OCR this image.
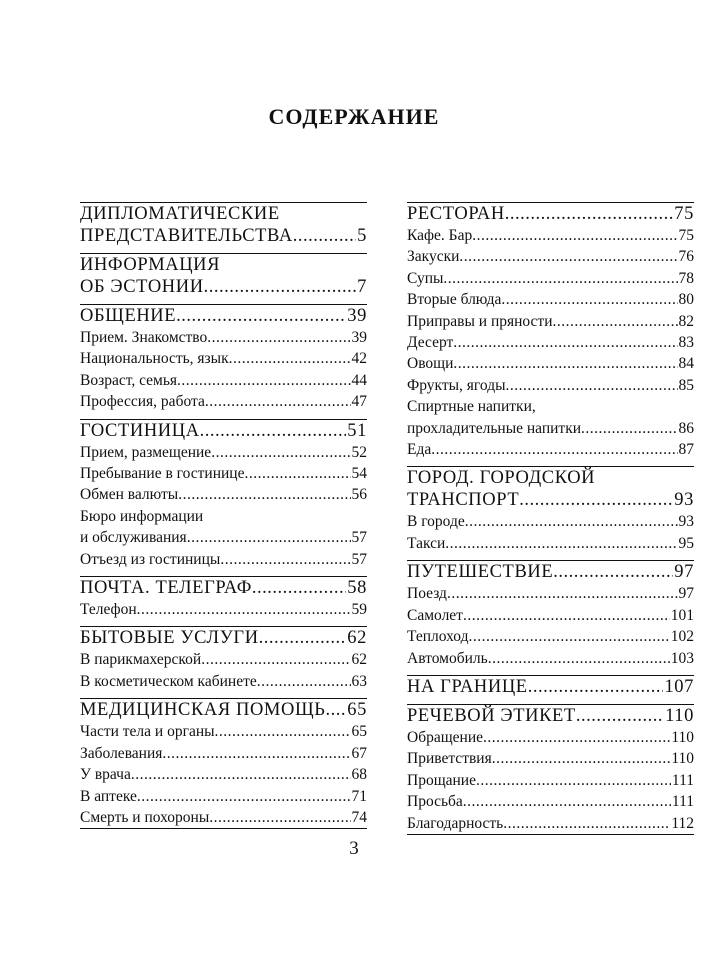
СОДЕРЖАНИЕ
ДИПЛОМАТИЧЕСКИЕ
ПРЕДСТАВИТЕЛЬСТВА .....	5
ИНФОРМАЦИЯ
ОБ ЭСТОНИИ .....	7
ОБЩЕНИЕ .....	39
Прием. Знакомство .....	39
Национальность, язык .....	42
Возраст, семья .....	44
Профессия, работа .....	47
ГОСТИНИЦА .....	51
Прием, размещение .....	52
Пребывание в гостинице .....	54
Обмен валюты .....	56
Бюро информации
и обслуживания .....	57
Отъезд из гостиницы .....	57
ПОЧТА. ТЕЛЕГРАФ .....	58
Телефон .....	59
БЫТОВЫЕ УСЛУГИ .....	62
В парикмахерской .....	62
В косметическом кабинете .....	63
МЕДИЦИНСКАЯ ПОМОЩЬ ..... 65
Части тела и органы .....	65
Заболевания .....	67
У врача .....	68
В аптеке .....	71
Смерть и похороны .....	74
РЕСТОРАН .....	75
Кафе. Бар .....	75
Закуски .....	76
Супы .....	78
Вторые блюда .....	80
Приправы и пряности .....	82
Десерт .....	83
Овощи .....	84
Фрукты, ягоды .....	85
Спиртные напитки,
прохладительные напитки .....	86
Еда .....	87
ГОРОД. ГОРОДСКОЙ
ТРАНСПОРТ .....	93
В городе .....	93
Такси .....	95
ПУТЕШЕСТВИЕ .....	97
Поезд .....	97
Самолет .....	101
Теплоход .....	102
Автомобиль .....	103
НА ГРАНИЦЕ .....	107
РЕЧЕВОЙ ЭТИКЕТ .....	110
Обращение .....	110
Приветствия .....	110
Прощание .....	111
Просьба .....	111
Благодарность .....	112
3
